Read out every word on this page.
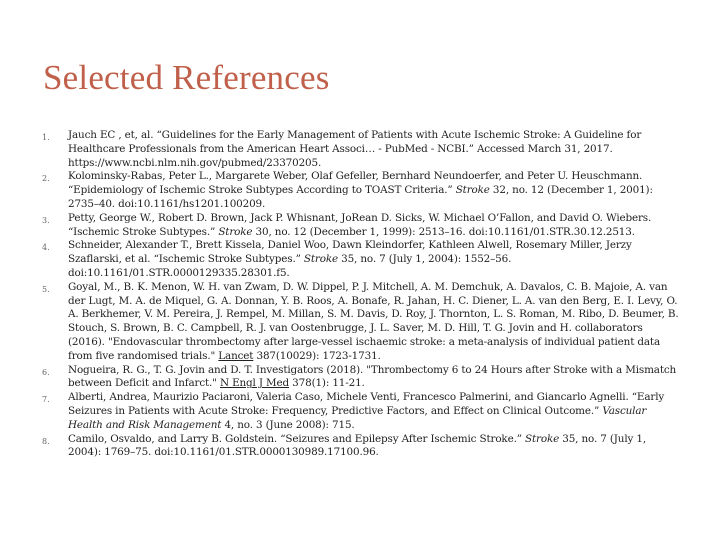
Selected References
1.	Jauch EC , et, al. “Guidelines for the Early Management of Patients with Acute Ischemic Stroke: A Guideline for Healthcare Professionals from the American Heart Associ… - PubMed - NCBI.” Accessed March 31, 2017. https://www.ncbi.nlm.nih.gov/pubmed/23370205.
2.	Kolominsky-Rabas, Peter L., Margarete Weber, Olaf Gefeller, Bernhard Neundoerfer, and Peter U. Heuschmann. “Epidemiology of Ischemic Stroke Subtypes According to TOAST Criteria.” Stroke 32, no. 12 (December 1, 2001): 2735–40. doi:10.1161/hs1201.100209.
3.	Petty, George W., Robert D. Brown, Jack P. Whisnant, JoRean D. Sicks, W. Michael O’Fallon, and David O. Wiebers. “Ischemic Stroke Subtypes.” Stroke 30, no. 12 (December 1, 1999): 2513–16. doi:10.1161/01.STR.30.12.2513.
4.	Schneider, Alexander T., Brett Kissela, Daniel Woo, Dawn Kleindorfer, Kathleen Alwell, Rosemary Miller, Jerzy Szaflarski, et al. “Ischemic Stroke Subtypes.” Stroke 35, no. 7 (July 1, 2004): 1552–56. doi:10.1161/01.STR.0000129335.28301.f5.
5.	Goyal, M., B. K. Menon, W. H. van Zwam, D. W. Dippel, P. J. Mitchell, A. M. Demchuk, A. Davalos, C. B. Majoie, A. van der Lugt, M. A. de Miquel, G. A. Donnan, Y. B. Roos, A. Bonafe, R. Jahan, H. C. Diener, L. A. van den Berg, E. I. Levy, O. A. Berkhemer, V. M. Pereira, J. Rempel, M. Millan, S. M. Davis, D. Roy, J. Thornton, L. S. Roman, M. Ribo, D. Beumer, B. Stouch, S. Brown, B. C. Campbell, R. J. van Oostenbrugge, J. L. Saver, M. D. Hill, T. G. Jovin and H. collaborators (2016). "Endovascular thrombectomy after large-vessel ischaemic stroke: a meta-analysis of individual patient data from five randomised trials." Lancet 387(10029): 1723-1731.
6.	Nogueira, R. G., T. G. Jovin and D. T. Investigators (2018). "Thrombectomy 6 to 24 Hours after Stroke with a Mismatch between Deficit and Infarct." N Engl J Med 378(1): 11-21.
7.	Alberti, Andrea, Maurizio Paciaroni, Valeria Caso, Michele Venti, Francesco Palmerini, and Giancarlo Agnelli. “Early Seizures in Patients with Acute Stroke: Frequency, Predictive Factors, and Effect on Clinical Outcome.” Vascular Health and Risk Management 4, no. 3 (June 2008): 715.
8.	Camilo, Osvaldo, and Larry B. Goldstein. “Seizures and Epilepsy After Ischemic Stroke.” Stroke 35, no. 7 (July 1, 2004): 1769–75. doi:10.1161/01.STR.0000130989.17100.96.
